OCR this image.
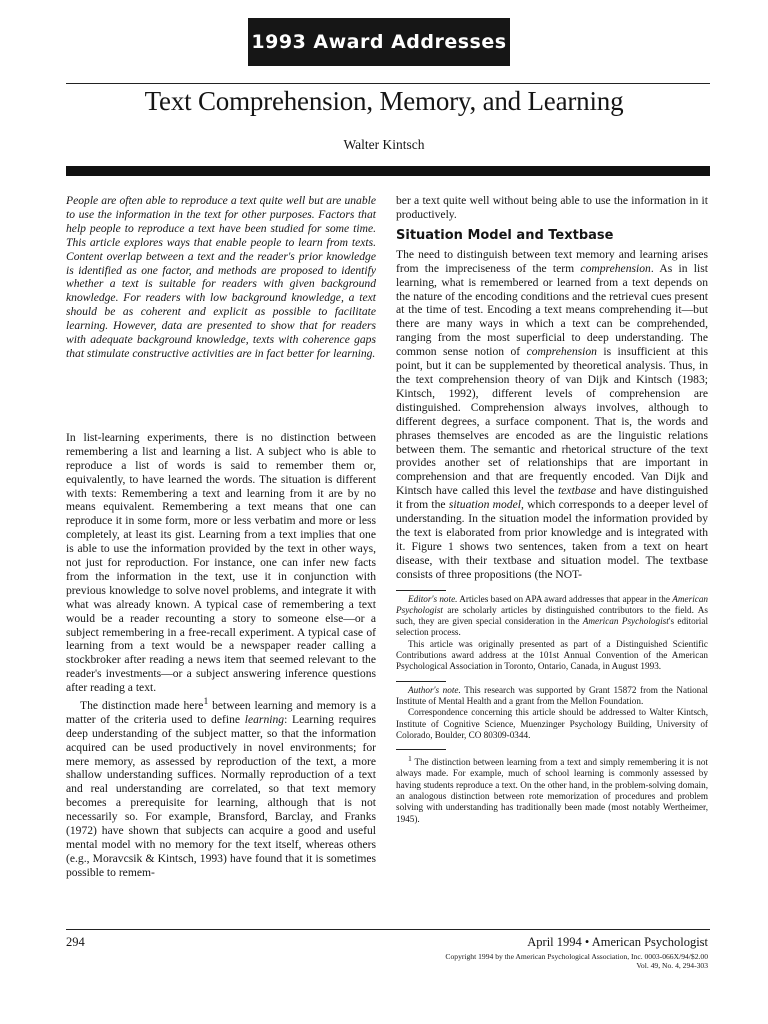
1993 Award Addresses
Text Comprehension, Memory, and Learning
Walter Kintsch

People are often able to reproduce a text quite well but are unable to use the information in the text for other purposes. Factors that help people to reproduce a text have been studied for some time. This article explores ways that enable people to learn from texts. Content overlap between a text and the reader's prior knowledge is identified as one factor, and methods are proposed to identify whether a text is suitable for readers with given background knowledge. For readers with low background knowledge, a text should be as coherent and explicit as possible to facilitate learning. However, data are presented to show that for readers with adequate background knowledge, texts with coherence gaps that stimulate constructive activities are in fact better for learning.

In list-learning experiments, there is no distinction between remembering a list and learning a list. A subject who is able to reproduce a list of words is said to remember them or, equivalently, to have learned the words. The situation is different with texts: Remembering a text and learning from it are by no means equivalent. Remembering a text means that one can reproduce it in some form, more or less verbatim and more or less completely, at least its gist. Learning from a text implies that one is able to use the information provided by the text in other ways, not just for reproduction. For instance, one can infer new facts from the information in the text, use it in conjunction with previous knowledge to solve novel problems, and integrate it with what was already known. A typical case of remembering a text would be a reader recounting a story to someone else—or a subject remembering in a free-recall experiment. A typical case of learning from a text would be a newspaper reader calling a stockbroker after reading a news item that seemed relevant to the reader's investments—or a subject answering inference questions after reading a text.

The distinction made here$^1$ between learning and memory is a matter of the criteria used to define learning: Learning requires deep understanding of the subject matter, so that the information acquired can be used productively in novel environments; for mere memory, as assessed by reproduction of the text, a more shallow understanding suffices. Normally reproduction of a text and real understanding are correlated, so that text memory becomes a prerequisite for learning, although that is not necessarily so. For example, Bransford, Barclay, and Franks (1972) have shown that subjects can acquire a good and useful mental model with no memory for the text itself, whereas others (e.g., Moravcsik & Kintsch, 1993) have found that it is sometimes possible to remem-

ber a text quite well without being able to use the information in it productively.

Situation Model and Textbase

The need to distinguish between text memory and learning arises from the impreciseness of the term comprehension. As in list learning, what is remembered or learned from a text depends on the nature of the encoding conditions and the retrieval cues present at the time of test. Encoding a text means comprehending it—but there are many ways in which a text can be comprehended, ranging from the most superficial to deep understanding. The common sense notion of comprehension is insufficient at this point, but it can be supplemented by theoretical analysis. Thus, in the text comprehension theory of van Dijk and Kintsch (1983; Kintsch, 1992), different levels of comprehension are distinguished. Comprehension always involves, although to different degrees, a surface component. That is, the words and phrases themselves are encoded as are the linguistic relations between them. The semantic and rhetorical structure of the text provides another set of relationships that are important in comprehension and that are frequently encoded. Van Dijk and Kintsch have called this level the textbase and have distinguished it from the situation model, which corresponds to a deeper level of understanding. In the situation model the information provided by the text is elaborated from prior knowledge and is integrated with it. Figure 1 shows two sentences, taken from a text on heart disease, with their textbase and situation model. The textbase consists of three propositions (the NOT-

Editor's note. Articles based on APA award addresses that appear in the American Psychologist are scholarly articles by distinguished contributors to the field. As such, they are given special consideration in the American Psychologist's editorial selection process.

This article was originally presented as part of a Distinguished Scientific Contributions award address at the 101st Annual Convention of the American Psychological Association in Toronto, Ontario, Canada, in August 1993.

Author's note. This research was supported by Grant 15872 from the National Institute of Mental Health and a grant from the Mellon Foundation.

Correspondence concerning this article should be addressed to Walter Kintsch, Institute of Cognitive Science, Muenzinger Psychology Building, University of Colorado, Boulder, CO 80309-0344.

$^1$ The distinction between learning from a text and simply remembering it is not always made. For example, much of school learning is commonly assessed by having students reproduce a text. On the other hand, in the problem-solving domain, an analogous distinction between rote memorization of procedures and problem solving with understanding has traditionally been made (most notably Wertheimer, 1945).

294	April 1994 • American Psychologist
Copyright 1994 by the American Psychological Association, Inc. 0003-066X/94/$2.00
Vol. 49, No. 4, 294-303
